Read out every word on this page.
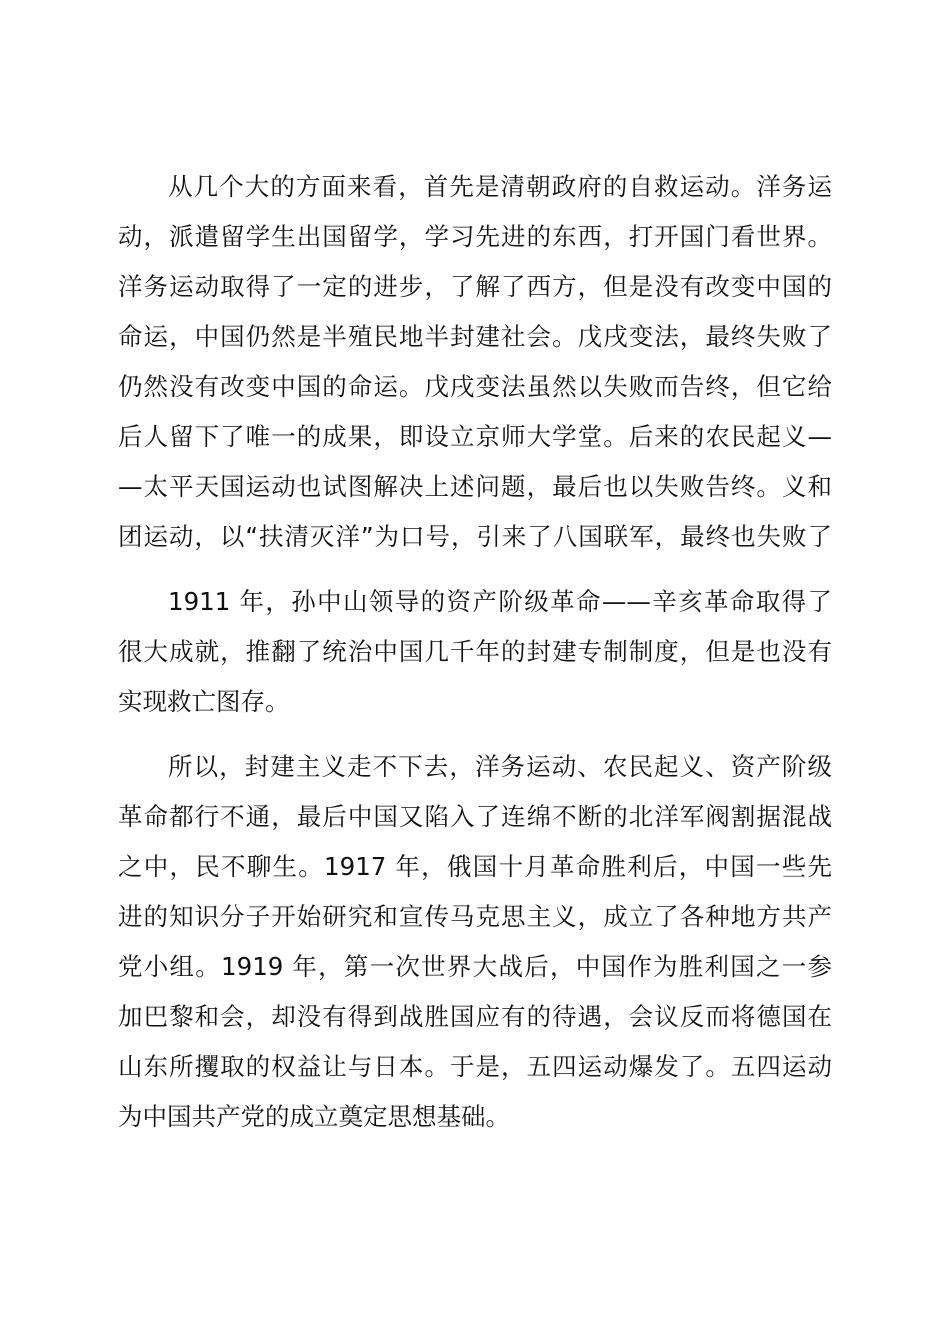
从几个大的方面来看，首先是清朝政府的自救运动。洋务运
动，派遣留学生出国留学，学习先进的东西，打开国门看世界。
洋务运动取得了一定的进步，了解了西方，但是没有改变中国的
命运，中国仍然是半殖民地半封建社会。戊戌变法，最终失败了
仍然没有改变中国的命运。戊戌变法虽然以失败而告终，但它给
后人留下了唯一的成果，即设立京师大学堂。后来的农民起义—
—太平天国运动也试图解决上述问题，最后也以失败告终。义和
团运动，以“扶清灭洋”为口号，引来了八国联军，最终也失败了
1911 年，孙中山领导的资产阶级革命——辛亥革命取得了
很大成就，推翻了统治中国几千年的封建专制制度，但是也没有
实现救亡图存。
所以，封建主义走不下去，洋务运动、农民起义、资产阶级
革命都行不通，最后中国又陷入了连绵不断的北洋军阀割据混战
之中，民不聊生。1917 年，俄国十月革命胜利后，中国一些先
进的知识分子开始研究和宣传马克思主义，成立了各种地方共产
党小组。1919 年，第一次世界大战后，中国作为胜利国之一参
加巴黎和会，却没有得到战胜国应有的待遇，会议反而将德国在
山东所攫取的权益让与日本。于是，五四运动爆发了。五四运动
为中国共产党的成立奠定思想基础。
